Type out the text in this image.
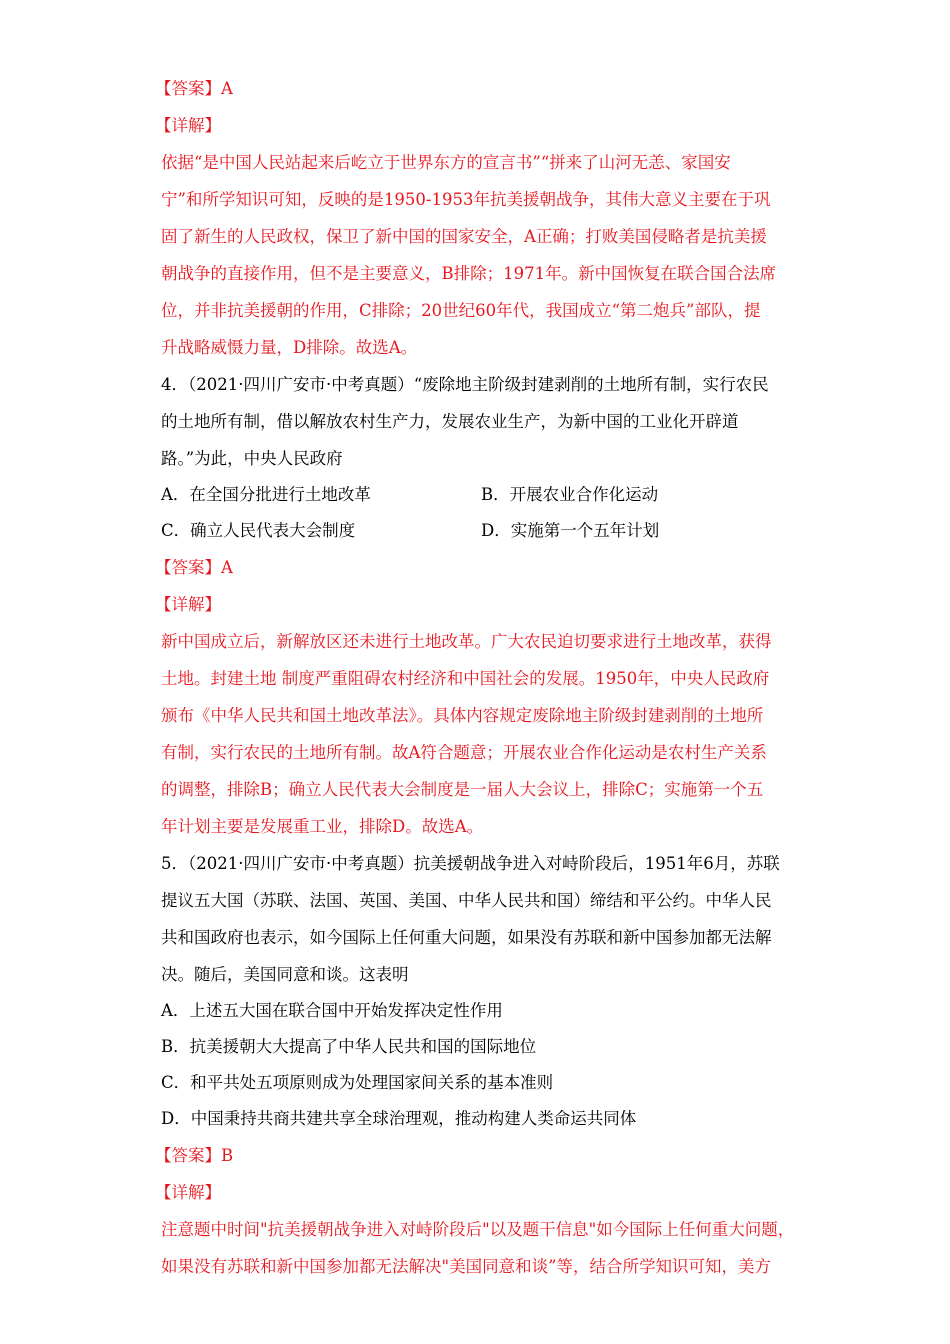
【答案】A
【详解】
依据“是中国人民站起来后屹立于世界东方的宣言书”“拼来了山河无恙、家国安
宁”和所学知识可知，反映的是1950-1953年抗美援朝战争，其伟大意义主要在于巩
固了新生的人民政权，保卫了新中国的国家安全，A正确；打败美国侵略者是抗美援
朝战争的直接作用，但不是主要意义，B排除；1971年。新中国恢复在联合国合法席
位，并非抗美援朝的作用，C排除；20世纪60年代，我国成立“第二炮兵”部队，提
升战略威慑力量，D排除。故选A。
4．（2021·四川广安市·中考真题）“废除地主阶级封建剥削的土地所有制，实行农民
的土地所有制，借以解放农村生产力，发展农业生产，为新中国的工业化开辟道
路。”为此，中央人民政府
A．在全国分批进行土地改革	B．开展农业合作化运动
C．确立人民代表大会制度	D．实施第一个五年计划
【答案】A
【详解】
新中国成立后，新解放区还未进行土地改革。广大农民迫切要求进行土地改革，获得
土地。封建土地 制度严重阻碍农村经济和中国社会的发展。1950年，中央人民政府
颁布《中华人民共和国土地改革法》。具体内容规定废除地主阶级封建剥削的土地所
有制，实行农民的土地所有制。故A符合题意；开展农业合作化运动是农村生产关系
的调整，排除B；确立人民代表大会制度是一届人大会议上，排除C；实施第一个五
年计划主要是发展重工业，排除D。故选A。
5．（2021·四川广安市·中考真题）抗美援朝战争进入对峙阶段后，1951年6月，苏联
提议五大国（苏联、法国、英国、美国、中华人民共和国）缔结和平公约。中华人民
共和国政府也表示，如今国际上任何重大问题，如果没有苏联和新中国参加都无法解
决。随后，美国同意和谈。这表明
A．上述五大国在联合国中开始发挥决定性作用
B．抗美援朝大大提高了中华人民共和国的国际地位
C．和平共处五项原则成为处理国家间关系的基本准则
D．中国秉持共商共建共享全球治理观，推动构建人类命运共同体
【答案】B
【详解】
注意题中时间"抗美援朝战争进入对峙阶段后"以及题干信息"如今国际上任何重大问题，
如果没有苏联和新中国参加都无法解决"美国同意和谈”等，结合所学知识可知，美方
